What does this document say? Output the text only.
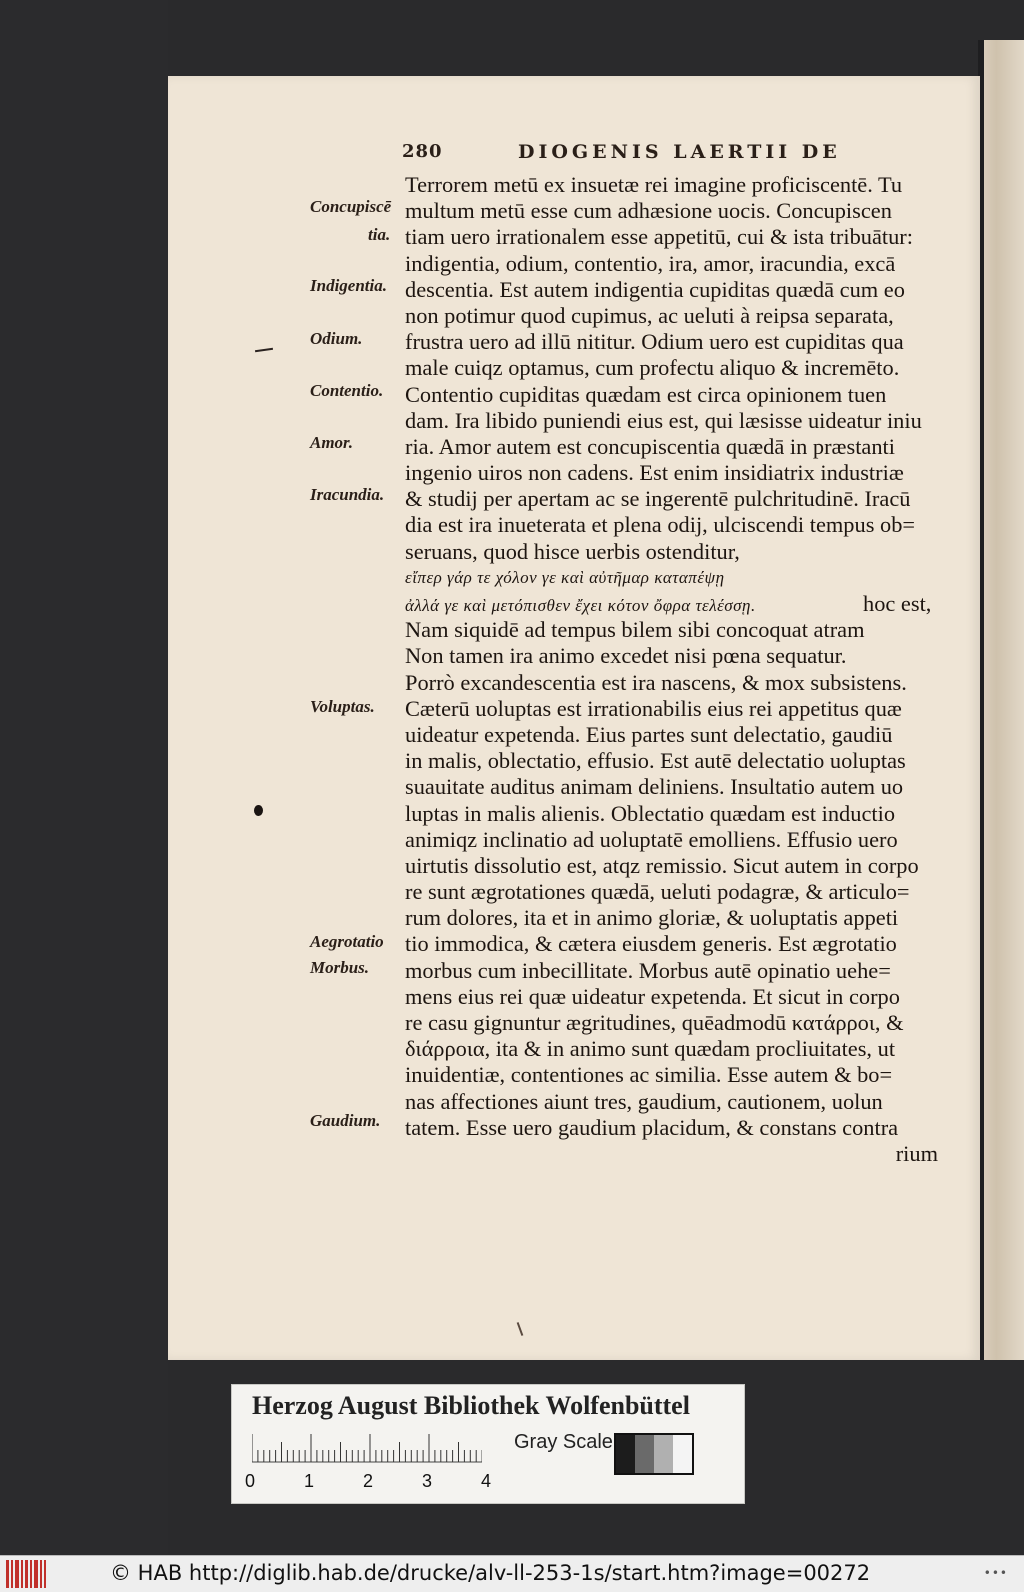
280	DIOGENIS LAERTII DE
Concupiscē
tia.
Indigentia.
Odium.
Contentio.
Amor.
Iracundia.
Voluptas.
Aegrotatio
Morbus.
Gaudium.
Terrorem metū ex insuetæ rei imagine proficiscentē. Tu
multum metū esse cum adhæsione uocis. Concupiscen
tiam uero irrationalem esse appetitū, cui & ista tribuātur:
indigentia, odium, contentio, ira, amor, iracundia, excā
descentia. Est autem indigentia cupiditas quædā cum eo
non potimur quod cupimus, ac ueluti à reipsa separata,
frustra uero ad illū nititur. Odium uero est cupiditas qua
male cuiqz optamus, cum profectu aliquo & incremēto.
Contentio cupiditas quædam est circa opinionem tuen
dam. Ira libido puniendi eius est, qui læsisse uideatur iniu
ria. Amor autem est concupiscentia quædā in præstanti
ingenio uiros non cadens. Est enim insidiatrix industriæ
& studij per apertam ac se ingerentē pulchritudinē. Iracū
dia est ira inueterata et plena odij, ulciscendi tempus ob=
seruans, quod hisce uerbis ostenditur,
εἴπερ γάρ τε χόλον γε καὶ αὐτῆμαρ καταπέψῃ
ἀλλά γε καὶ μετόπισθεν ἔχει κότον ὄφρα τελέσσῃ.	hoc est,
Nam siquidē ad tempus bilem sibi concoquat atram
Non tamen ira animo excedet nisi pœna sequatur.
Porrò excandescentia est ira nascens, & mox subsistens.
Cæterū uoluptas est irrationabilis eius rei appetitus quæ
uideatur expetenda. Eius partes sunt delectatio, gaudiū
in malis, oblectatio, effusio. Est autē delectatio uoluptas
suauitate auditus animam deliniens. Insultatio autem uo
luptas in malis alienis. Oblectatio quædam est inductio
animiqz inclinatio ad uoluptatē emolliens. Effusio uero
uirtutis dissolutio est, atqz remissio. Sicut autem in corpo
re sunt ægrotationes quædā, ueluti podagræ, & articulo=
rum dolores, ita et in animo gloriæ, & uoluptatis appeti
tio immodica, & cætera eiusdem generis. Est ægrotatio
morbus cum inbecillitate. Morbus autē opinatio uehe=
mens eius rei quæ uideatur expetenda. Et sicut in corpo
re casu gignuntur ægritudines, quēadmodū κατάρροι, &
διάρροια, ita & in animo sunt quædam procliuitates, ut
inuidentiæ, contentiones ac similia. Esse autem & bo=
nas affectiones aiunt tres, gaudium, cautionem, uolun
tatem. Esse uero gaudium placidum, & constans contra
rium
Herzog August Bibliothek Wolfenbüttel
0	1	2	3	4
Gray Scale
© HAB http://diglib.hab.de/drucke/alv-ll-253-1s/start.htm?image=00272	•••
